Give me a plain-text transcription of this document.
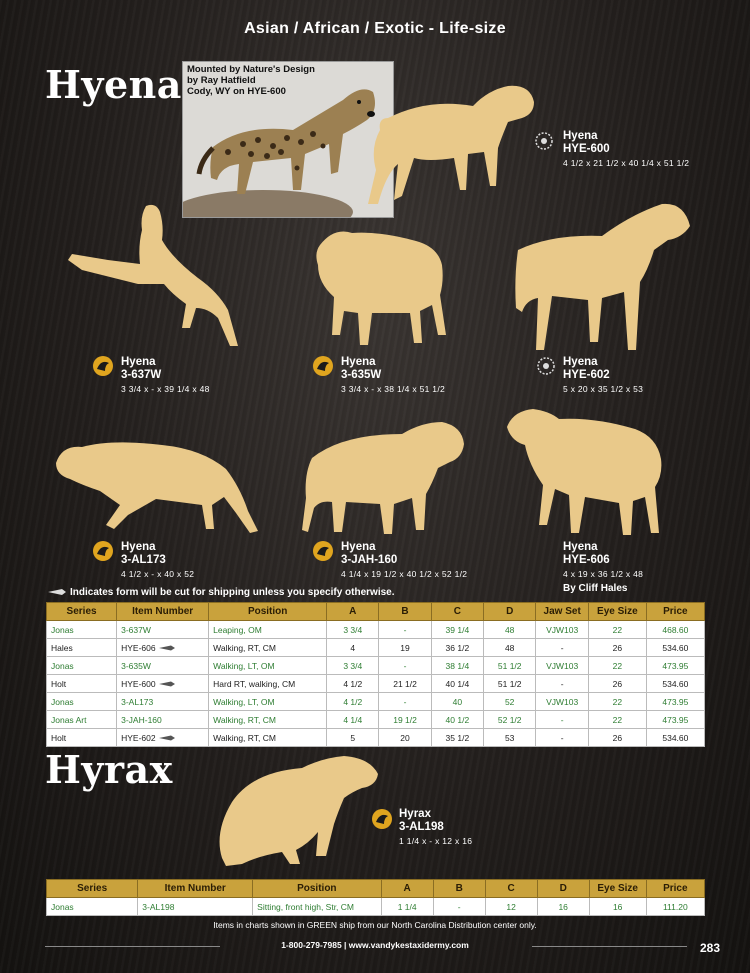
Asian / African / Exotic - Life-size
Hyena
Hyrax
Mounted by Nature's Design
by Ray Hatfield
Cody, WY on HYE-600
Hyena
HYE-600
4 1/2 x 21 1/2 x 40 1/4 x 51 1/2
Hyena
3-637W
3 3/4 x - x 39 1/4 x 48
Hyena
3-635W
3 3/4 x - x 38 1/4 x 51 1/2
Hyena
HYE-602
5 x 20 x 35 1/2 x 53
Hyena
3-AL173
4 1/2 x - x 40 x 52
Hyena
3-JAH-160
4 1/4 x 19 1/2 x 40 1/2 x 52 1/2
Hyena
HYE-606
4 x 19 x 36 1/2 x 48
By Cliff Hales
Indicates form will be cut for shipping unless you specify otherwise.
Series	Item Number	Position	A	B	C	D	Jaw Set	Eye Size	Price
Jonas	3-637W	Leaping, OM	3 3/4	-	39 1/4	48	VJW103	22	468.60
Hales	HYE-606	Walking, RT, CM	4	19	36 1/2	48	-	26	534.60
Jonas	3-635W	Walking, LT, OM	3 3/4	-	38 1/4	51 1/2	VJW103	22	473.95
Holt	HYE-600	Hard RT, walking, CM	4 1/2	21 1/2	40 1/4	51 1/2	-	26	534.60
Jonas	3-AL173	Walking, LT, OM	4 1/2	-	40	52	VJW103	22	473.95
Jonas Art	3-JAH-160	Walking, RT, CM	4 1/4	19 1/2	40 1/2	52 1/2	-	22	473.95
Holt	HYE-602	Walking, RT, CM	5	20	35 1/2	53	-	26	534.60
Hyrax
3-AL198
1 1/4 x - x 12 x 16
Series	Item Number	Position	A	B	C	D	Eye Size	Price
Jonas	3-AL198	Sitting, front high, Str, CM	1 1/4	-	12	16	16	111.20
Items in charts shown in GREEN ship from our North Carolina Distribution center only.
1-800-279-7985 | www.vandykestaxidermy.com	283
